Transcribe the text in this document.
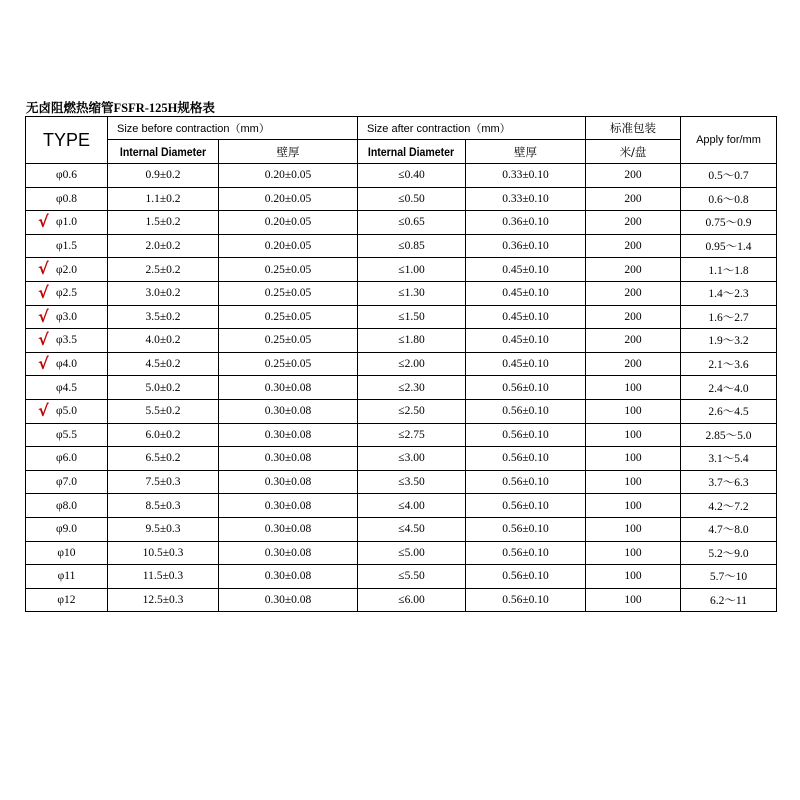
无卤阻燃热缩管FSFR-125H规格表
TYPE	Size before contraction（mm）		Size after contraction（mm）		标准包装	Apply for/mm
	Internal Diameter	壁厚	Internal Diameter	壁厚	米/盘	
φ0.6	0.9±0.2	0.20±0.05	≤0.40	0.33±0.10	200	0.5～0.7
φ0.8	1.1±0.2	0.20±0.05	≤0.50	0.33±0.10	200	0.6～0.8

√ φ1.0	1.5±0.2	0.20±0.05	≤0.65	0.36±0.10	200	0.75～0.9
φ1.5	2.0±0.2	0.20±0.05	≤0.85	0.36±0.10	200	0.95～1.4

√ φ2.0	2.5±0.2	0.25±0.05	≤1.00	0.45±0.10	200	1.1～1.8

√ φ2.5	3.0±0.2	0.25±0.05	≤1.30	0.45±0.10	200	1.4～2.3

√ φ3.0	3.5±0.2	0.25±0.05	≤1.50	0.45±0.10	200	1.6～2.7

√ φ3.5	4.0±0.2	0.25±0.05	≤1.80	0.45±0.10	200	1.9～3.2

√ φ4.0	4.5±0.2	0.25±0.05	≤2.00	0.45±0.10	200	2.1～3.6
φ4.5	5.0±0.2	0.30±0.08	≤2.30	0.56±0.10	100	2.4～4.0

√ φ5.0	5.5±0.2	0.30±0.08	≤2.50	0.56±0.10	100	2.6～4.5
φ5.5	6.0±0.2	0.30±0.08	≤2.75	0.56±0.10	100	2.85～5.0
φ6.0	6.5±0.2	0.30±0.08	≤3.00	0.56±0.10	100	3.1～5.4
φ7.0	7.5±0.3	0.30±0.08	≤3.50	0.56±0.10	100	3.7～6.3
φ8.0	8.5±0.3	0.30±0.08	≤4.00	0.56±0.10	100	4.2～7.2
φ9.0	9.5±0.3	0.30±0.08	≤4.50	0.56±0.10	100	4.7～8.0
φ10	10.5±0.3	0.30±0.08	≤5.00	0.56±0.10	100	5.2～9.0
φ11	11.5±0.3	0.30±0.08	≤5.50	0.56±0.10	100	5.7～10
φ12	12.5±0.3	0.30±0.08	≤6.00	0.56±0.10	100	6.2～11
